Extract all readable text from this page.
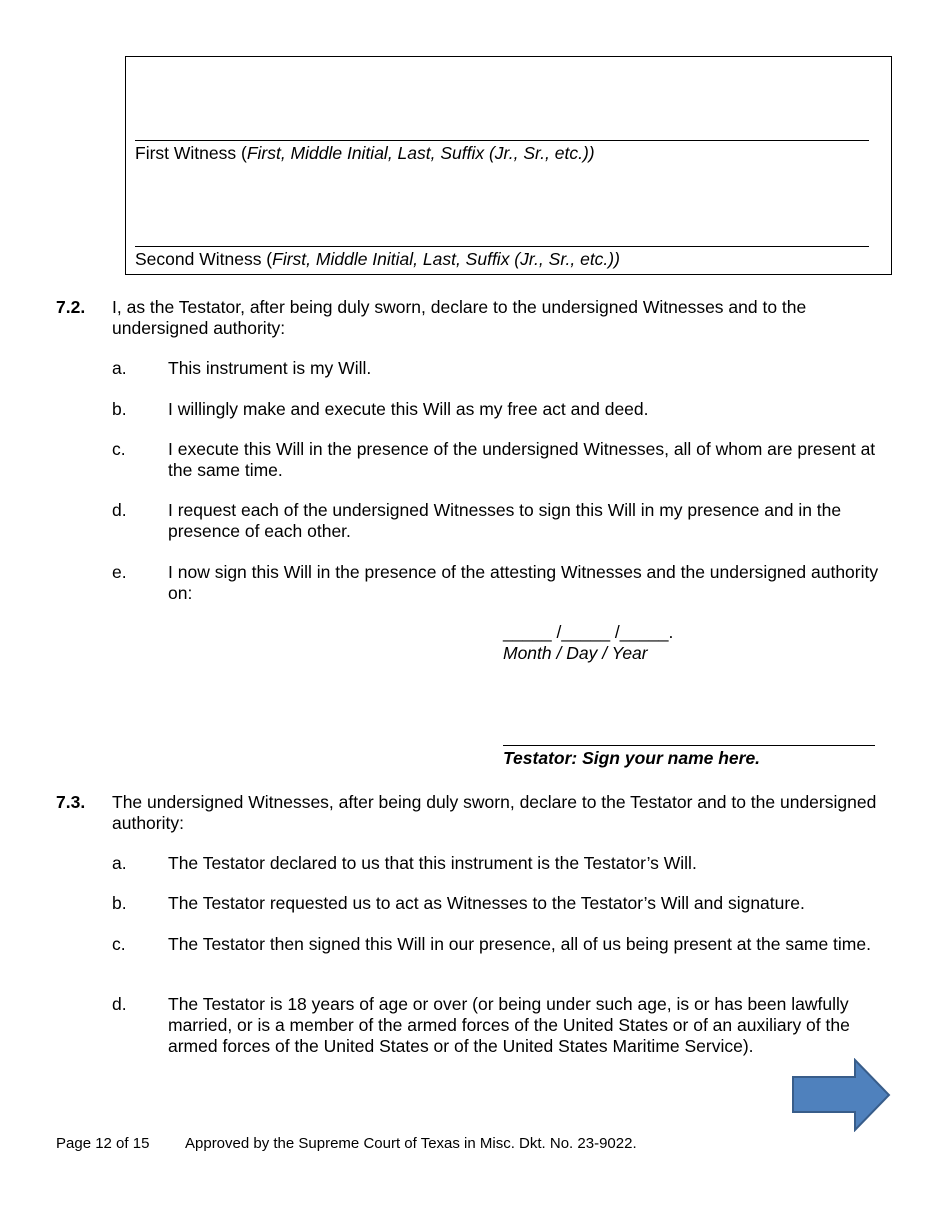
First Witness (First, Middle Initial, Last, Suffix (Jr., Sr., etc.))
Second Witness (First, Middle Initial, Last, Suffix (Jr., Sr., etc.))
7.2. I, as the Testator, after being duly sworn, declare to the undersigned Witnesses and to the undersigned authority:
a. This instrument is my Will.
b. I willingly make and execute this Will as my free act and deed.
c. I execute this Will in the presence of the undersigned Witnesses, all of whom are present at the same time.
d. I request each of the undersigned Witnesses to sign this Will in my presence and in the presence of each other.
e. I now sign this Will in the presence of the attesting Witnesses and the undersigned authority on:
_____ /_____ /_____.
Month / Day / Year
Testator: Sign your name here.
7.3. The undersigned Witnesses, after being duly sworn, declare to the Testator and to the undersigned authority:
a. The Testator declared to us that this instrument is the Testator’s Will.
b. The Testator requested us to act as Witnesses to the Testator’s Will and signature.
c. The Testator then signed this Will in our presence, all of us being present at the same time.
d. The Testator is 18 years of age or over (or being under such age, is or has been lawfully married, or is a member of the armed forces of the United States or of an auxiliary of the armed forces of the United States or of the United States Maritime Service).
Page 12 of 15 Approved by the Supreme Court of Texas in Misc. Dkt. No. 23-9022.
